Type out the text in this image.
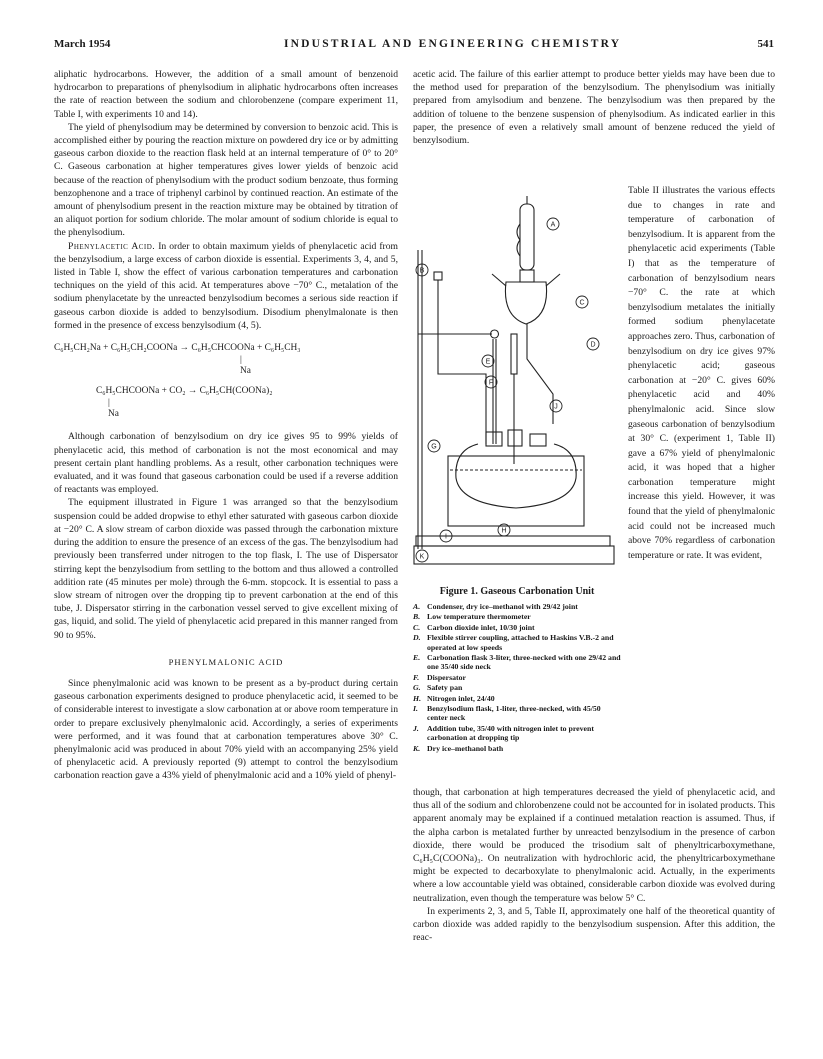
March 1954	INDUSTRIAL AND ENGINEERING CHEMISTRY	541

aliphatic hydrocarbons. However, the addition of a small amount of benzenoid hydrocarbon to preparations of phenylsodium in aliphatic hydrocarbons often increases the rate of reaction between the sodium and chlorobenzene (compare experiment 11, Table I, with experiments 10 and 14).

The yield of phenylsodium may be determined by conversion to benzoic acid. This is accomplished either by pouring the reaction mixture on powdered dry ice or by admitting gaseous carbon dioxide to the reaction flask held at an internal temperature of 0° to 20° C. Gaseous carbonation at higher temperatures gives lower yields of benzoic acid because of the reaction of phenylsodium with the product sodium benzoate, thus forming benzophenone and a trace of triphenyl carbinol by continued reaction. An estimate of the amount of phenylsodium present in the reaction mixture may be obtained by titration of an aliquot portion for sodium chloride. The molar amount of sodium chloride is equal to the phenylsodium.

Phenylacetic Acid. In order to obtain maximum yields of phenylacetic acid from the benzylsodium, a large excess of carbon dioxide is essential. Experiments 3, 4, and 5, listed in Table I, show the effect of various carbonation temperatures and carbonation techniques on the yield of this acid. At temperatures above −70° C., metalation of the sodium phenylacetate by the unreacted benzylsodium becomes a serious side reaction if gaseous carbon dioxide is added to benzylsodium. Disodium phenylmalonate is then formed in the presence of excess benzylsodium (4, 5).

C₆H₅CH₂Na + C₆H₅CH₂COONa → C₆H₅CHCOONa + C₆H₅CH₃
|
Na
C₆H₅CHCOONa + CO₂ → C₆H₅CH(COONa)₂
|
Na

Although carbonation of benzylsodium on dry ice gives 95 to 99% yields of phenylacetic acid, this method of carbonation is not the most economical and may present certain plant handling problems. As a result, other carbonation techniques were evaluated, and it was found that gaseous carbonation could be used if a reverse addition of reactants was employed.

The equipment illustrated in Figure 1 was arranged so that the benzylsodium suspension could be added dropwise to ethyl ether saturated with gaseous carbon dioxide at −20° C. A slow stream of carbon dioxide was passed through the carbonation mixture during the addition to ensure the presence of an excess of the gas. The benzylsodium had previously been transferred under nitrogen to the top flask, I. The use of Dispersator stirring kept the benzylsodium from settling to the bottom and thus allowed a controlled addition rate (45 minutes per mole) through the 6-mm. stopcock. It is essential to pass a slow stream of nitrogen over the dropping tip to prevent carbonation at the end of this tube, J. Dispersator stirring in the carbonation vessel served to give excellent mixing of gas, liquid, and solid. The yield of phenylacetic acid prepared in this manner ranged from 90 to 95%.

PHENYLMALONIC ACID

Since phenylmalonic acid was known to be present as a by-product during certain gaseous carbonation experiments designed to produce phenylacetic acid, it seemed to be of considerable interest to investigate a slow carbonation at or above room temperature in order to prepare exclusively phenylmalonic acid. Accordingly, a series of experiments were performed, and it was found that at carbonation temperatures above 30° C. phenylmalonic acid was produced in about 70% yield with an accompanying 25% yield of phenylacetic acid. A previously reported (9) attempt to control the benzylsodium carbonation reaction gave a 43% yield of phenylmalonic acid and a 10% yield of phenyl-

acetic acid. The failure of this earlier attempt to produce better yields may have been due to the method used for preparation of the benzylsodium. The phenylsodium was initially prepared from amylsodium and benzene. The benzylsodium was then prepared by the addition of toluene to the benzene suspension of phenylsodium. As indicated earlier in this paper, the presence of even a relatively small amount of benzene reduced the yield of benzylsodium.

A
B
C
D
E
F
G
H
I
J
K
Figure 1. Gaseous Carbonation Unit
A. Condenser, dry ice–methanol with 29/42 joint
B. Low temperature thermometer
C. Carbon dioxide inlet, 10/30 joint
D. Flexible stirrer coupling, attached to Haskins V.B.-2 and operated at low speeds
E. Carbonation flask 3-liter, three-necked with one 29/42 and one 35/40 side neck
F.	Dispersator
G. Safety pan
H. Nitrogen inlet, 24/40
I.	Benzylsodium flask, 1-liter, three-necked, with 45/50 center neck
J.	Addition tube, 35/40 with nitrogen inlet to prevent carbonation at dropping tip
K. Dry ice–methanol bath
Table II illustrates the various effects due to changes in rate and temperature of carbonation of benzylsodium. It is apparent from the phenylacetic acid experiments (Table I) that as the temperature of carbonation of benzylsodium nears −70° C. the rate at which benzylsodium metalates the initially formed sodium phenylacetate approaches zero. Thus, carbonation of benzylsodium on dry ice gives 97% phenylacetic acid; gaseous carbonation at −20° C. gives 60% phenylacetic acid and 40% phenylmalonic acid. Since slow gaseous carbonation of benzylsodium at 30° C. (experiment 1, Table II) gave a 67% yield of phenylmalonic acid, it was hoped that a higher carbonation temperature might increase this yield. However, it was found that the yield of phenylmalonic acid could not be increased much above 70% regardless of carbonation temperature or rate. It was evident,

though, that carbonation at high temperatures decreased the yield of phenylacetic acid, and thus all of the sodium and chlorobenzene could not be accounted for in isolated products. This apparent anomaly may be explained if a continued metalation reaction is assumed. Thus, if the alpha carbon is metalated further by unreacted benzylsodium in the presence of carbon dioxide, there would be produced the trisodium salt of phenyltricarboxymethane, C₆H₅C(COONa)₃. On neutralization with hydrochloric acid, the phenyltricarboxymethane might be expected to decarboxylate to phenylmalonic acid. Actually, in the experiments where a low accountable yield was obtained, considerable carbon dioxide was evolved during neutralization, even though the temperature was below 5° C.

In experiments 2, 3, and 5, Table II, approximately one half of the theoretical quantity of carbon dioxide was added rapidly to the benzylsodium suspension. After this addition, the reac-
